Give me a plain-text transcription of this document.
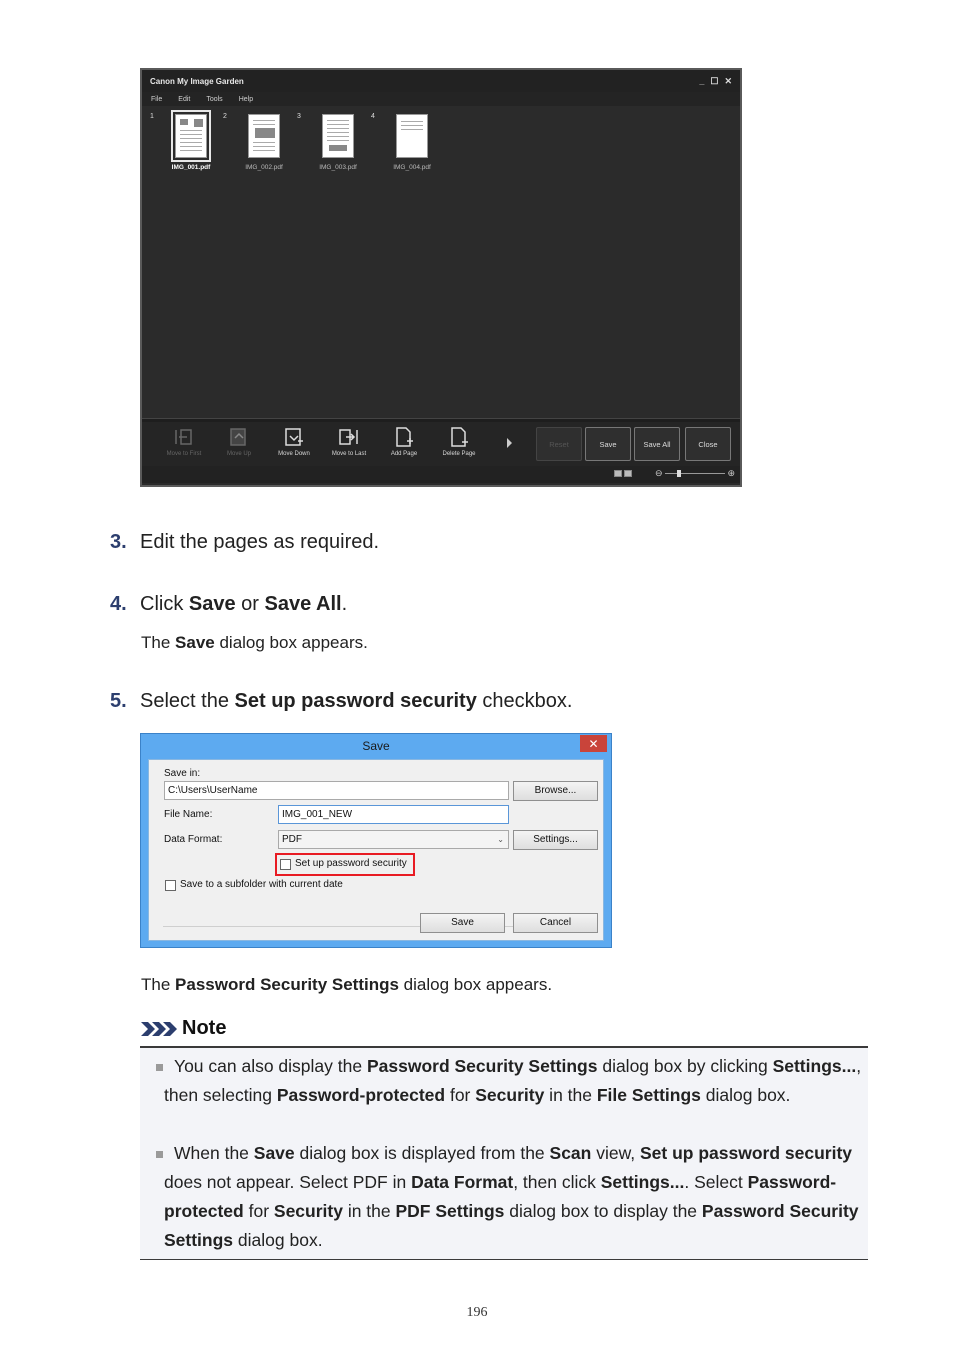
Canon My Image Garden	_ ☐ ✕
File Edit Tools Help
1
IMG_001.pdf
2
IMG_002.pdf
3
IMG_003.pdf
4
IMG_004.pdf
Move to First	Move Up	Move Down	Move to Last	Add Page	Delete Page
Reset	Save	Save All	Close
⊖	⊕
3. Edit the pages as required.
4. Click Save or Save All.
The Save dialog box appears.
5. Select the Set up password security checkbox.
Save	✕
Save in:
C:\Users\UserName	Browse...
File Name:	IMG_001_NEW
Data Format:	PDF	⌄	Settings...
Set up password security
Save to a subfolder with current date
Save	Cancel
The Password Security Settings dialog box appears.
Note
You can also display the Password Security Settings dialog box by clicking Settings..., then selecting Password-protected for Security in the File Settings dialog box.
When the Save dialog box is displayed from the Scan view, Set up password security does not appear. Select PDF in Data Format, then click Settings.... Select Password-protected for Security in the PDF Settings dialog box to display the Password Security Settings dialog box.
196
